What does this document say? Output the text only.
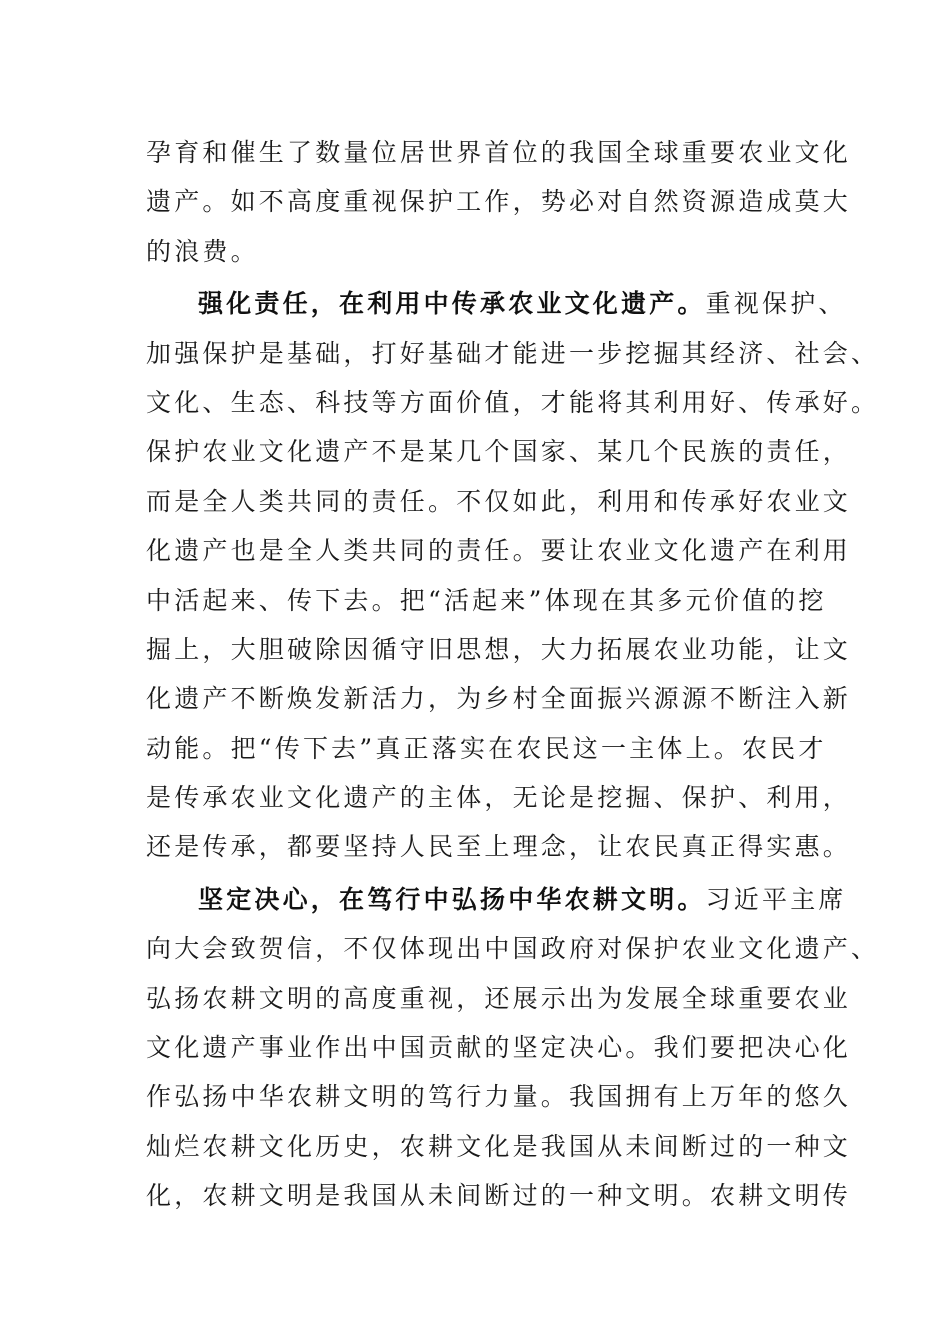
孕育和催生了数量位居世界首位的我国全球重要农业文化
遗产。如不高度重视保护工作，势必对自然资源造成莫大
的浪费。
强化责任，在利用中传承农业文化遗产。重视保护、
加强保护是基础，打好基础才能进一步挖掘其经济、社会、
文化、生态、科技等方面价值，才能将其利用好、传承好。
保护农业文化遗产不是某几个国家、某几个民族的责任，
而是全人类共同的责任。不仅如此，利用和传承好农业文
化遗产也是全人类共同的责任。要让农业文化遗产在利用
中活起来、传下去。把“活起来”体现在其多元价值的挖
掘上，大胆破除因循守旧思想，大力拓展农业功能，让文
化遗产不断焕发新活力，为乡村全面振兴源源不断注入新
动能。把“传下去”真正落实在农民这一主体上。农民才
是传承农业文化遗产的主体，无论是挖掘、保护、利用，
还是传承，都要坚持人民至上理念，让农民真正得实惠。
坚定决心，在笃行中弘扬中华农耕文明。习近平主席
向大会致贺信，不仅体现出中国政府对保护农业文化遗产、
弘扬农耕文明的高度重视，还展示出为发展全球重要农业
文化遗产事业作出中国贡献的坚定决心。我们要把决心化
作弘扬中华农耕文明的笃行力量。我国拥有上万年的悠久
灿烂农耕文化历史，农耕文化是我国从未间断过的一种文
化，农耕文明是我国从未间断过的一种文明。农耕文明传
